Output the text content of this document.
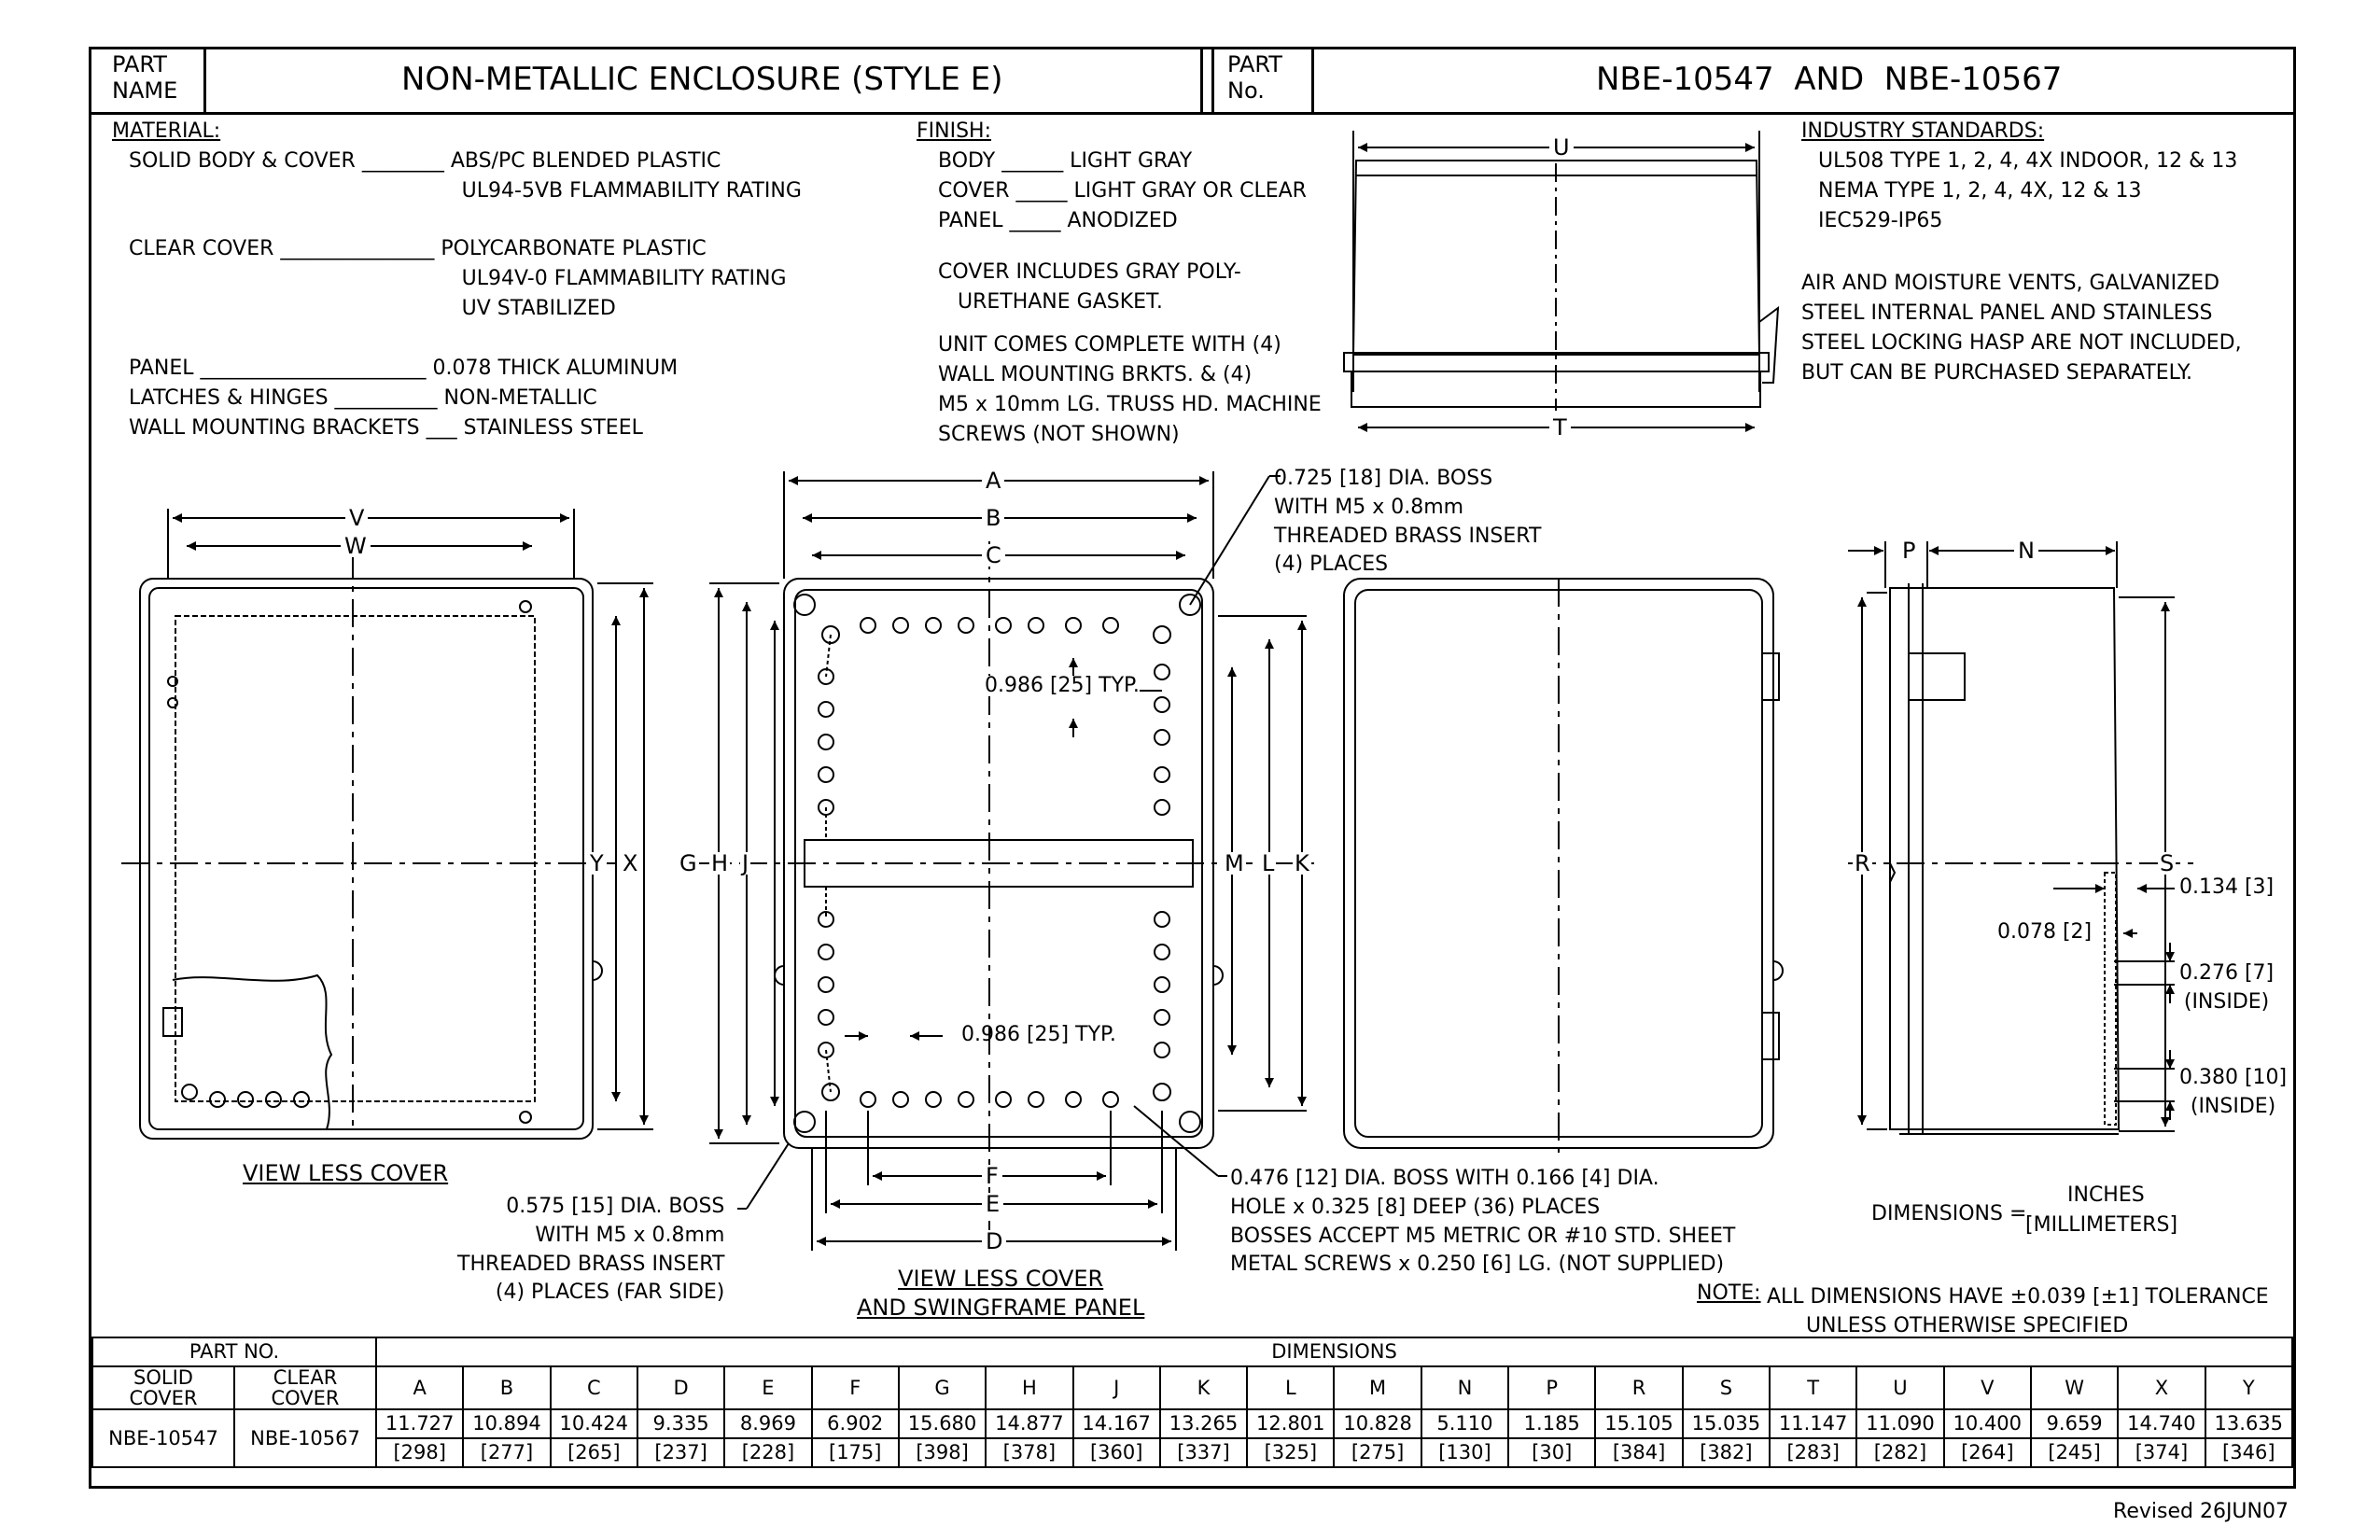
PART
NAME	NON-METALLIC ENCLOSURE (STYLE E)	PART
No.	NBE-10547  AND  NBE-10567
MATERIAL:
SOLID BODY & COVER ________ ABS/PC BLENDED PLASTIC
UL94-5VB FLAMMABILITY RATING
CLEAR COVER _______________ POLYCARBONATE PLASTIC
UL94V-0 FLAMMABILITY RATING
UV STABILIZED
PANEL ______________________ 0.078 THICK ALUMINUM
LATCHES & HINGES __________ NON-METALLIC
WALL MOUNTING BRACKETS ___ STAINLESS STEEL
FINISH:
BODY ______ LIGHT GRAY
COVER _____ LIGHT GRAY OR CLEAR
PANEL _____ ANODIZED
COVER INCLUDES GRAY POLY-
URETHANE GASKET.
UNIT COMES COMPLETE WITH (4)
WALL MOUNTING BRKTS. & (4)
M5 x 10mm LG. TRUSS HD. MACHINE
SCREWS (NOT SHOWN)
INDUSTRY STANDARDS:
UL508 TYPE 1, 2, 4, 4X INDOOR, 12 & 13
NEMA TYPE 1, 2, 4, 4X, 12 & 13
IEC529-IP65
AIR AND MOISTURE VENTS, GALVANIZED
STEEL INTERNAL PANEL AND STAINLESS
STEEL LOCKING HASP ARE NOT INCLUDED,
BUT CAN BE PURCHASED SEPARATELY.
U
T
V
W
Y X G H J
A
B
C
M L K
F
E
D
P	N
R	S
0.725 [18] DIA. BOSS
WITH M5 x 0.8mm
THREADED BRASS INSERT
(4) PLACES
0.986 [25] TYP.
0.986 [25] TYP.
0.575 [15] DIA. BOSS
WITH M5 x 0.8mm
THREADED BRASS INSERT
(4) PLACES (FAR SIDE)
0.476 [12] DIA. BOSS WITH 0.166 [4] DIA.
HOLE x 0.325 [8] DEEP (36) PLACES
BOSSES ACCEPT M5 METRIC OR #10 STD. SHEET
METAL SCREWS x 0.250 [6] LG. (NOT SUPPLIED)
0.134 [3]
0.078 [2]
0.276 [7]
(INSIDE)
0.380 [10]
(INSIDE)
VIEW LESS COVER
VIEW LESS COVER
AND SWINGFRAME PANEL
DIMENSIONS =
INCHES
[MILLIMETERS]
NOTE: ALL DIMENSIONS HAVE ±0.039 [±1] TOLERANCE
UNLESS OTHERWISE SPECIFIED
PART NO.		DIMENSIONS																					
SOLID
COVER	CLEAR
COVER																						
		A	B	C	D	E	F	G	H	J	K	L	M	N	P	R	S	T	U	V	W	X	Y
NBE-10547	NBE-10567	11.727	10.894	10.424	9.335	8.969	6.902	15.680	14.877	14.167	13.265	12.801	10.828	5.110	1.185	15.105	15.035	11.147	11.090	10.400	9.659	14.740	13.635
		[298]	[277]	[265]	[237]	[228]	[175]	[398]	[378]	[360]	[337]	[325]	[275]	[130]	[30]	[384]	[382]	[283]	[282]	[264]	[245]	[374]	[346]
Revised 26JUN07
